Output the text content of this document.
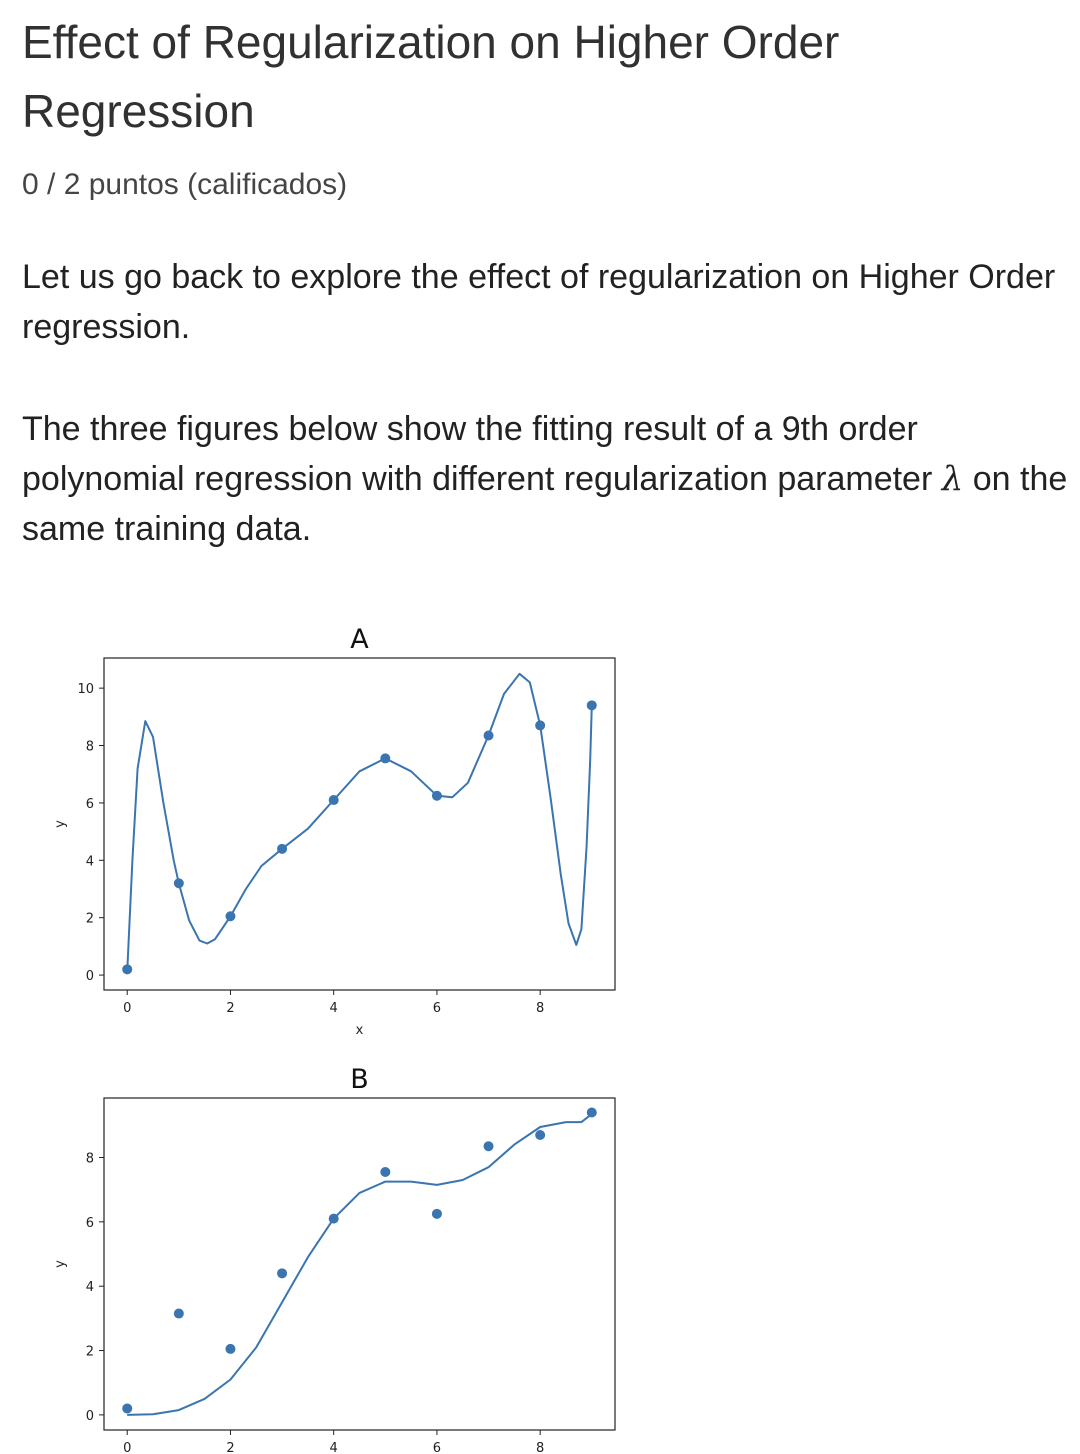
Effect of Regularization on Higher Order Regression
0 / 2 puntos (calificados)

Let us go back to explore the effect of regularization on Higher Order regression.

The three figures below show the fitting result of a 9th order polynomial regression with different regularization parameter λ on the same training data.

A
0	2	4	6	8
0
2
4
6
8
10
x
y
B
0	2	4	6	8
0
2
4
6
8
y
